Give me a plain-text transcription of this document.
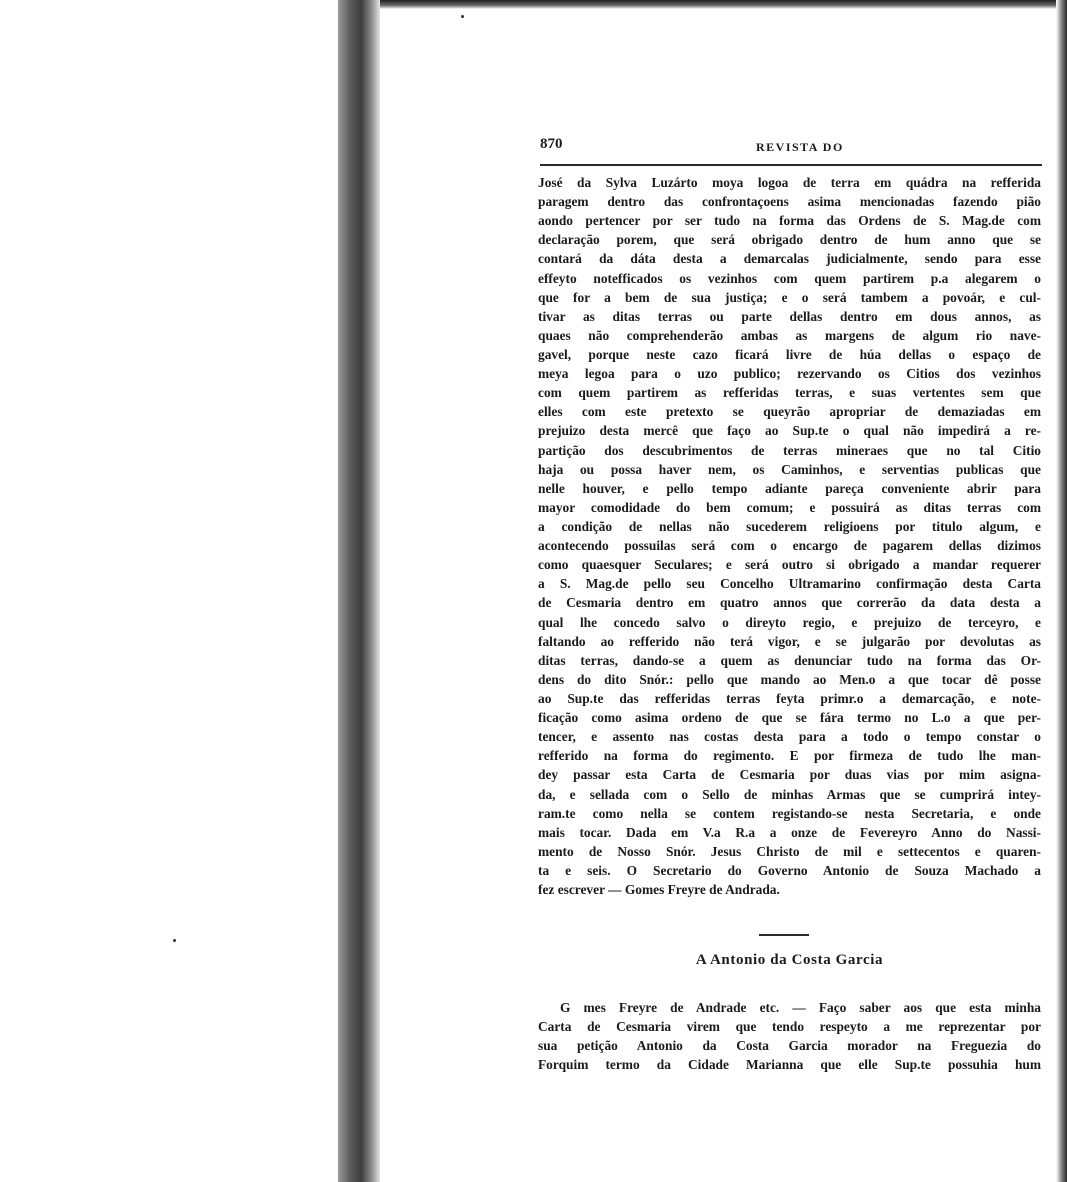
870	REVISTA DO
José da Sylva Luzárto moya logoa de terra em quádra na refferida
paragem dentro das confrontaçoens asima mencionadas fazendo pião
aondo pertencer por ser tudo na forma das Ordens de S. Mag.de com
declaração porem, que será obrigado dentro de hum anno que se
contará da dáta desta a demarcalas judicialmente, sendo para esse
effeyto notefficados os vezinhos com quem partirem p.a alegarem o
que for a bem de sua justiça; e o será tambem a povoár, e cul-
tivar as ditas terras ou parte dellas dentro em dous annos, as
quaes não comprehenderão ambas as margens de algum rio nave-
gavel, porque neste cazo ficará livre de húa dellas o espaço de
meya legoa para o uzo publico; rezervando os Citios dos vezinhos
com quem partirem as refferidas terras, e suas vertentes sem que
elles com este pretexto se queyrão apropriar de demaziadas em
prejuizo desta mercê que faço ao Sup.te o qual não impedirá a re-
partição dos descubrimentos de terras mineraes que no tal Citio
haja ou possa haver nem, os Caminhos, e serventias publicas que
nelle houver, e pello tempo adiante pareça conveniente abrir para
mayor comodidade do bem comum; e possuirá as ditas terras com
a condição de nellas não sucederem religioens por titulo algum, e
acontecendo possuilas será com o encargo de pagarem dellas dizimos
como quaesquer Seculares; e será outro si obrigado a mandar requerer
a S. Mag.de pello seu Concelho Ultramarino confirmação desta Carta
de Cesmaria dentro em quatro annos que correrão da data desta a
qual lhe concedo salvo o direyto regio, e prejuizo de terceyro, e
faltando ao refferido não terá vigor, e se julgarão por devolutas as
ditas terras, dando-se a quem as denunciar tudo na forma das Or-
dens do dito Snór.: pello que mando ao Men.o a que tocar dê posse
ao Sup.te das refferidas terras feyta primr.o a demarcação, e note-
ficação como asima ordeno de que se fára termo no L.o a que per-
tencer, e assento nas costas desta para a todo o tempo constar o
refferido na forma do regimento. E por firmeza de tudo lhe man-
dey passar esta Carta de Cesmaria por duas vias por mim asigna-
da, e sellada com o Sello de minhas Armas que se cumprirá intey-
ram.te como nella se contem registando-se nesta Secretaria, e onde
mais tocar. Dada em V.a R.a a onze de Fevereyro Anno do Nassi-
mento de Nosso Snór. Jesus Christo de mil e settecentos e quaren-
ta e seis. O Secretario do Governo Antonio de Souza Machado a
fez escrever — Gomes Freyre de Andrada.
A Antonio da Costa Garcia
G mes Freyre de Andrade etc. — Faço saber aos que esta minha
Carta de Cesmaria virem que tendo respeyto a me reprezentar por
sua petição Antonio da Costa Garcia morador na Freguezia do
Forquim termo da Cidade Marianna que elle Sup.te possuhia hum
